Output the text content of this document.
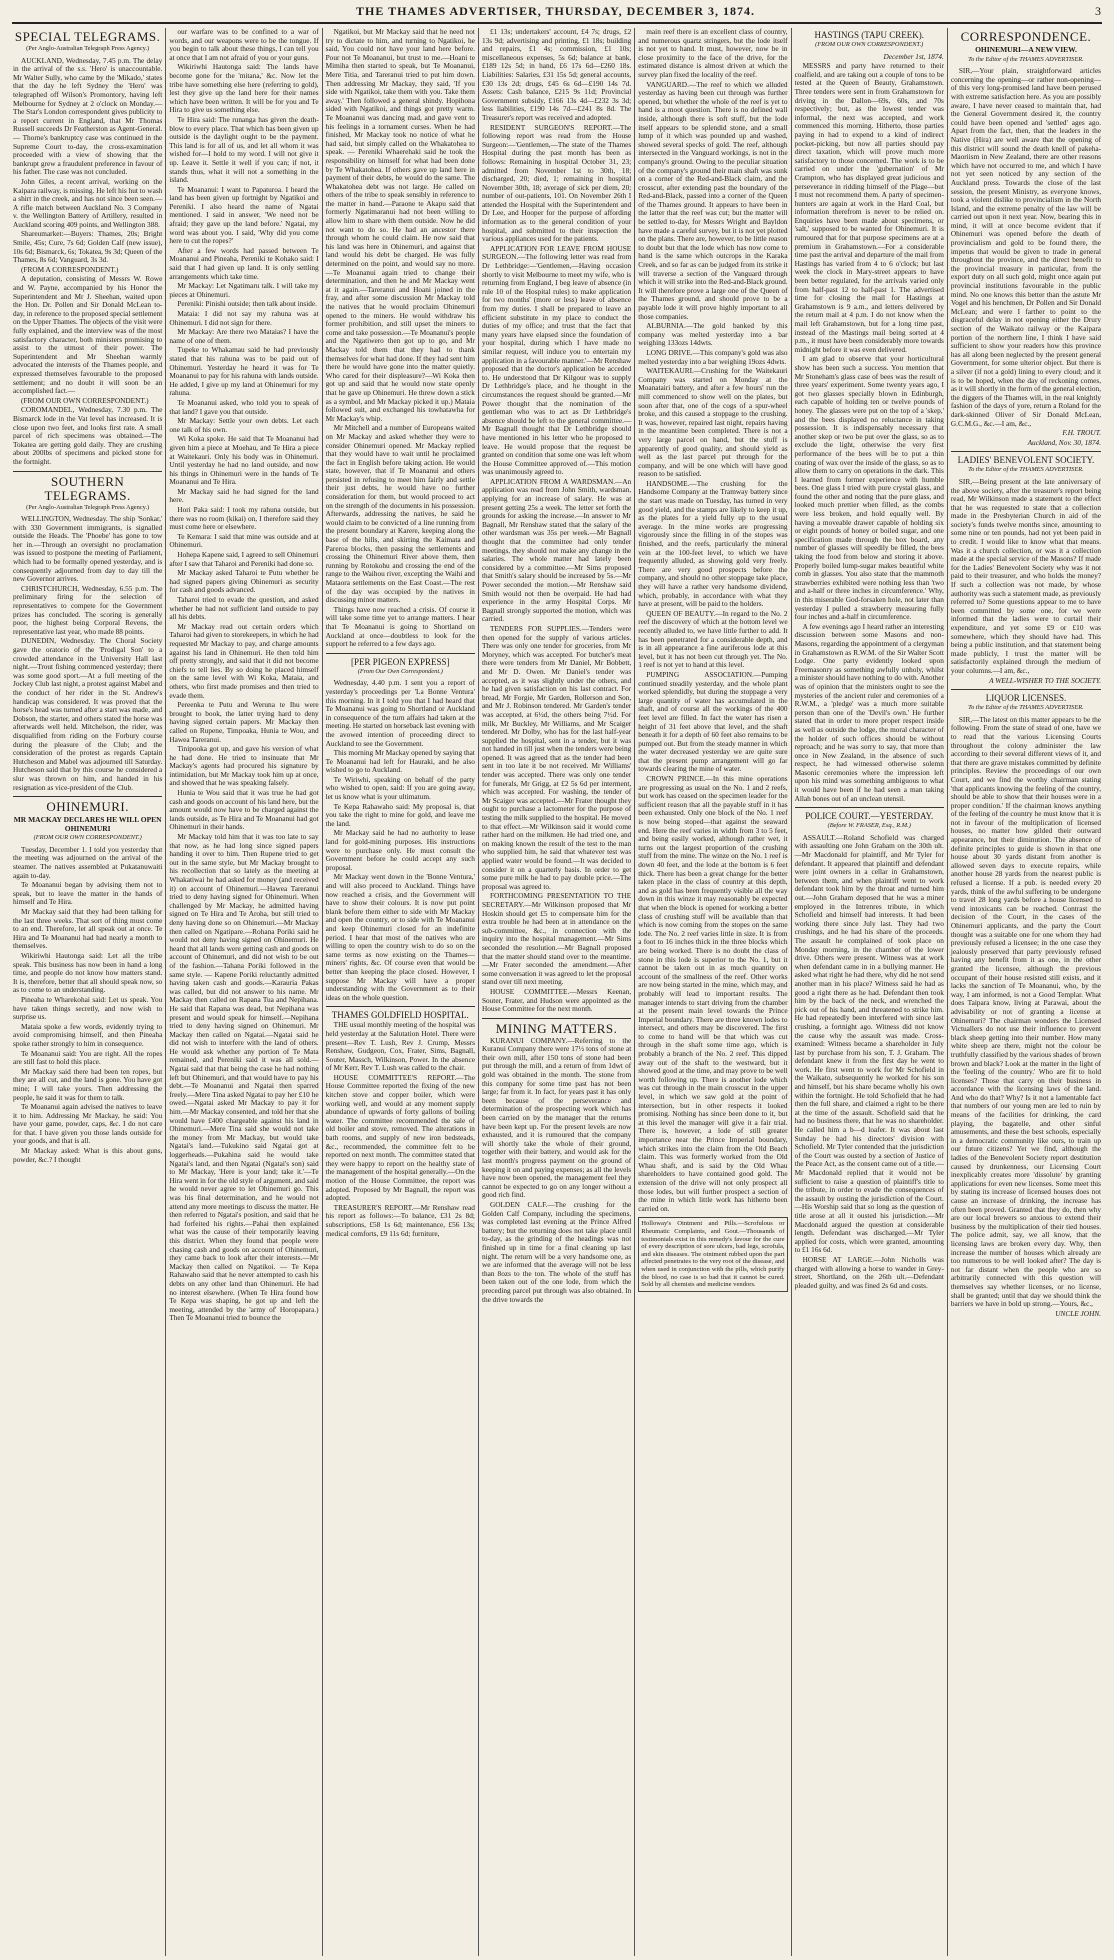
THE THAMES ADVERTISER, THURSDAY, DECEMBER 3, 1874.	3
SPECIAL TELEGRAMS.

(Per Anglo-Australian Telegraph Press Agency.)

AUCKLAND, Wednesday, 7.45 p.m. The delay in the arrival of the s.s. 'Hero' is unaccountable. Mr Walter Sully, who came by the 'Mikado,' states that the day he left Sydney the 'Hero' was telegraphed off Wilson's Promontory, having left Melbourne for Sydney at 2 o'clock on Monday.—The Star's London correspondent gives publicity to a report current in England, that Mr Thomas Russell succeeds Dr Featherston as Agent-General. — Thorne's bankruptcy case was continued in the Supreme Court to-day, the cross-examination proceeded with a view of showing that the bankrupt grew a fraudulent preference in favour of his father. The case was not concluded.

John Giles, a recent arrival, working on the Kaipara railway, is missing. He left his hut to wash a shirt in the creek, and has not since been seen.—A rifle match between Auckland No. 3 Company v. the Wellington Battery of Artillery, resulted in Auckland scoring 409 points, and Wellington 388.

Shareumarket:—Buyers: Thames, 20s; Bright Smile, 45s; Cure, 7s 6d; Golden Calf (new issue), 10s 6d; Bismarck, 6s; Tokatea, 9s 3d; Queen of the Thames, 8s 6d; Vanguard, 3s 3d.

(FROM A CORRESPONDENT.)

A deputation, consisting of Messrs W. Rowe and W. Payne, accompanied by his Honor the Superintendent and Mr J. Sheehan, waited upon the Hon. Dr. Pollen and Sir Donald McLean to-day, in reference to the proposed special settlement on the Upper Thames. The objects of the visit were fully explained, and the interview was of the most satisfactory character, both ministers promising to assist to the utmost of their power. The Superintendent and Mr Sheehan warmly advocated the interests of the Thames people, and expressed themselves favourable to the proposed settlement; and no doubt it will soon be an accomplished fact.—

(FROM OUR OWN CORRESPONDENT.)

COROMANDEL, Wednesday, 7.30 p.m. The Bismarck lode in the Vat level has increased. It is close upon two feet, and looks first rate. A small parcel of rich specimens was obtained.—The Tokatea are getting gold daily. They are crushing about 200lbs of specimens and picked stone for the fortnight.

SOUTHERN TELEGRAMS.

(Per Anglo-Australian Telegraph Press Agency.)

WELLINGTON, Wednesday. The ship 'Sonkar,' with 330 Government immigrants, is signalled outside the Heads. The 'Phoebe' has gone to tow her in.—Through an oversight no proclamation was issued to postpone the meeting of Parliament, which had to be formally opened yesterday, and is consequently adjourned from day to day till the new Governor arrives.

CHRISTCHURCH, Wednesday, 6.55 p.m. The preliminary firing for the selection of representatives to compete for the Government prizes has concluded. The scoring is generally poor, the highest being Corporal Revens, the representative last year, who made 88 points.

DUNEDIN, Wednesday. The Choral Society gave the oratorio of the 'Prodigal Son' to a crowded attendance in the University Hall last night.—Trout fishing commenced yesterday; there was some good sport.—At a full meeting of the Jockey Club last night, a protest against Mabel and the conduct of her rider in the St. Andrew's handicap was considered. It was proved that the horse's head was turned after a start was made, and Dobson, the starter, and others stated the horse was afterwards well held. Mitchelson, the rider, was disqualified from riding on the Forbury course during the pleasure of the Club; and the consideration of the protest as regards Captain Hutcheson and Mabel was adjourned till Saturday. Hutcheson said that by this course he considered a slur was thrown on him, and handed in his resignation as vice-president of the Club.

OHINEMURI.
MR MACKAY DECLARES HE WILL OPEN OHINEMURI

(FROM OUR OWN CORRESPONDENT.)

Tuesday, December 1. I told you yesterday that the meeting was adjourned on the arrival of the steamer. The natives assembled at Pukatanuwaiti again to-day.

Te Moananui began by advising them not to speak, but to leave the matter in the hands of himself and Te Hira.

Mr Mackay said that they had been talking for the last three weeks. That sort of thing must come to an end. Therefore, let all speak out at once. Te Hira and Te Moananui had had nearly a month to themselves.

Wikiriwhi Hautonga said: Let all the tribe speak. This business has now been in hand a long time, and people do not know how matters stand. It is, therefore, better that all should speak now, so as to come to an understanding.

Pineaha te Wharekohai said: Let us speak. You have taken things secretly, and now wish to surprise us.

Mataia spoke a few words, evidently trying to avoid compromising himself, and then Pineaha spoke rather strongly to him in consequence.

Te Moananui said: You are right. All the ropes are still fast to hold this place.

Mr Mackay said there had been ten ropes, but they are all cut, and the land is gone. You have got mine; I will take yours. Then addressing the people, he said it was for them to talk.

Te Moananui again advised the natives to leave it to him. Addressing Mr Mackay, he said: You have your game, powder, caps, &c. I do not care for that. I have given you those lands outside for your goods, and that is all.

Mr Mackay asked: What is this about guns, powder, &c.? I thought

our warfare was to be confined to a war of words, and our weapons were to be the tongue. If you begin to talk about these things, I can tell you at once that I am not afraid of you or your guns.

Wikiriwhi Hautonga said: The lands have become gone for the 'mitana,' &c. Now let the tribe have something else here (referring to gold), lest they give up the land here for their names which have been written. It will be for you and Te Hira to give us something else.

Te Hira said: The runanga has given the death-blow to every place. That which has been given up outside is the daylight ought to be the payment. This land is for all of us, and let all whom it was wished for—I hold to my word. I will not give it up. Leave it. Settle it well if you can; if not, it stands thus, what it will not a something in the island.

Te Moananui: I want to Papaturoa. I heard the land has been given up fortnight by Ngatikoi and Pereniki. I also heard the name of Ngatai mentioned. I said in answer, 'We need not be afraid; they gave up the land before.' Ngatai, my word was about you. I said, 'Why did you come here to cut the ropes?'

After a few words had passed between Te Moananui and Pineaha, Pereniki te Kohako said: I said that I had given up land. It is only settling arrangements which take time.

Mr Mackay: Let Ngatimaru talk. I will take my pieces at Ohinemuri.

Pereniki: Pinishi outside; then talk about inside.

Mataia: I did not say my rahuna was at Ohinemuri. I did not sign for there.

Mr Mackay: Are there two Mataias? I have the name of one of them.

Tupeke to Whakamau said he had previously stated that his rahuna was to be paid out of Ohinemuri. Yesterday he heard it was for Te Moananui to pay for his rahuna with lands outside. He added, I give up my land at Ohinemuri for my rahuna.

Te Moananui asked, who told you to speak of that land? I gave you that outside.

Mr Mackay: Settle your own debts. Let each one talk of his own.

Wi Koka spoke. He said that Te Moananui had given him a piece at Moehau, and Te Hira a piece at Waitekauri. Only his body was in Ohinemuri. Until yesterday he had no land outside, and now his things in Ohinemuri were in the hands of Te Moananui and Te Hira.

Mr Mackay said he had signed for the land here.

Hori Paka said: I took my rahuna outside, but there was no room (kikai) on, I therefore said they must come here or elsewhere.

Te Kemara: I said that mine was outside and at Ohinemuri.

Hohepa Kapene said, I agreed to sell Ohinemuri after I saw that Taharoi and Pereniki had done so.

Mr Mackay asked Taharoi te Putu whether he had signed papers giving Ohinemuri as security for cash and goods advanced.

Taharoi tried to evade the question, and asked whether he had not sufficient land outside to pay all his debts.

Mr Mackay read out certain orders which Taharoi had given to storekeepers, in which he had requested Mr Mackay to pay, and charge amounts against his land in Ohinemuri. He then told him off pretty strongly, and said that it did not become chiefs to tell lies. By so doing he placed himself on the same level with Wi Koka, Mataia, and others, who first made promises and then tried to evade them.

Pereenka te Putu and Weruna te Ihu were brought to book, the latter trying hard to deny having signed certain papers. Mr Mackay then called on Rupene, Timpoaka, Hunia te Wou, and Hawea Tareranui.

Tinipooka got up, and gave his version of what he had done. He tried to insinuate that Mr Mackay's agents had procured his signature by intimidation, but Mr Mackay took him up at once, and showed that he was speaking falsely.

Hunia te Wou said that it was true he had got cash and goods on account of his land here, but the amount would now have to be charged against the lands outside, as Te Hira and Te Moananui had got Ohinemuri in their hands.

Mr Mackay told him that it was too late to say that now, as he had long since signed papers handing it over to him. Then Rupene tried to get out in the same style, but Mr Mackay brought to his recollection that so lately as the meeting at Whakatiwai he had asked for money (and received it) on account of Ohinemuri.—Hawea Tareranui tried to deny having signed for Ohinemuri. When challenged by Mr Mackay, he admitted having signed on Te Hira and Te Aroha, but still tried to deny having done so on Ohinemuri.—Mr Mackay then called on Ngatipare.—Rohana Poriki said he would not deny having signed on Ohinemuri. He heard that all lands were getting cash and goods on account of Ohinemuri, and did not wish to be out of the fashion.—Tahana Poriki followed in the same style. — Kapene Poriki reluctantly admitted having taken cash and goods.—Karauria Pakas was called, but did not answer to his name. Mr Mackay then called on Rapana Tua and Nepihana. He said that Rapana was dead, but Nepihana was present and would speak for himself.—Nepihana tried to deny having signed on Ohinemuri. Mr Mackay then called on Ngatai.—Ngatai said he did not wish to interfere with the land of others. He would ask whether any portion of Te Mata remained, and Pereniki said it was all sold.—Ngatai said that that being the case he had nothing left but Ohinemuri, and that would have to pay his debt.—Te Moananui and Ngatai then sparred freely.—Mere Tina asked Ngatai to pay her £10 he owed.—Ngatai asked Mr Mackay to pay it for him.—Mr Mackay consented, and told her that she would have £400 chargeable against his land in Ohinemuri.—Mere Tina said she would not take the money from Mr Mackay, but would take Ngatai's land.—Tukukino said Ngatai got at loggerheads.—Pukahina said he would take Ngatai's land, and then Ngatai (Ngatai's son) said to Mr Mackay, 'Here is your land; take it.'—Te Hira went in for the old style of argument, and said he would never agree to let Ohinemuri go. This was his final determination, and he would not attend any more meetings to discuss the matter. He then referred to Ngatai's position, and said that he had forfeited his rights.—Pahai then explained what was the cause of their temporarily leaving this district. When they found that people were chasing cash and goods on account of Ohinemuri, they came back to look after their interests.—Mr Mackay then called on Ngatikoi. — Te Kepa Rahawaho said that he never attempted to cash his debts on any other land than Ohinemuri. He had no interest elsewhere. (When Te Hira found how Te Kepa was shaping, he got up and left the meeting, attended by the 'army of' Horopapara.) Then Te Moananui tried to bounce the

Ngatikoi, but Mr Mackay said that he need not try to dictate to him, and turning to Ngatikoi, he said, You could not have your land here before. Pour not Te Moananui, but trust to me.—Hoani te Mimiha then started to speak, but Te Moananui, Mere Titia, and Tareranui tried to put him down. Then addressing Mr Mackay, they said, 'If you side with Ngatikoi, take them with you. Take them away.' Then followed a general shindy. Hopihona sided with Ngatikoi, and things got pretty warm. Te Moananui was dancing mad, and gave vent to his feelings in a tornament curses. When he had finished, Mr Mackay took no notice of what he had said, but simply called on the Whakatohea to speak. — Pereniki Whaerehaki said he took the responsibility on himself for what had been done by Te Whakatohea. If others gave up land here in payment of their debts, he would do the same. The Whakatohea debt was not large. He called on others of the tribe to speak sensibly in reference to the matter in hand.—Paraone te Akapu said that formerly Ngatimaranui had not been willing to allow him to share with them outside. Now he did not want to do so. He had an ancestor there through whom he could claim. He now said that his land was here in Ohinemuri, and against that land would his debt be charged. He was fully determined on the point, and would say no more.—Te Moananui again tried to change their determination, and then he and Mr Mackay went at it again.—Tareranui and Hoani joined in the fray, and after some discussion Mr Mackay told the natives that he would proclaim Ohinemuri opened to the miners. He would withdraw his former prohibition, and still upset the miners to come and take possession.—Te Moananui's people and the Ngatiwero then got up to go, and Mr Mackay told them that they had to thank themselves for what had done. If they had sent him there he would have gone into the matter quietly. Who cared for their displeasure?—Wi Koka then got up and said that he would now state openly that he gave up Ohinemuri. He threw down a stick as a symbol, and Mr Mackay picked it up.) Mataia followed suit, and exchanged his towhatawha for Mr Mackay's whip.

Mr Mitchell and a number of Europeans waited on Mr Mackay and asked whether they were to consider Ohinemuri opened. Mr Mackay replied that they would have to wait until he proclaimed the fact in English before taking action. He would state, however, that if Te Moananui and others persisted in refusing to meet him fairly and settle their just debts, he would have no further consideration for them, but would proceed to act on the strength of the documents in his possession. Afterwards, addressing the natives, he said he would claim to be convicted of a line running from the present boundary at Karere, keeping along the base of the hills, and skirting the Kaimata and Pareroa blocks, then passing the settlements and crossing the Ohinemuri River above them, then running by Rotokohu and crossing the end of the range to the Waihou river, excepting the Waihi and Mataora settlements on the East Coast.—The rest of the day was occupied by the natives in discussing minor matters.

Things have now reached a crisis. Of course it will take some time yet to arrange matters. I hear that Te Moananui is going to Shortland on Auckland at once—doubtless to look for the support he referred to a few days ago.

[PER PIGEON EXPRESS]

(From Our Own Correspondent.)

Wednesday, 4.40 p.m. I sent you a report of yesterday's proceedings per 'La Bonne Ventura' this morning. In it I told you that I had heard that Te Moananui was going to Shortland or Auckland in consequence of the turn affairs had taken at the meeting. He started on horseback last evening with the avowed intention of proceeding direct to Auckland to see the Government.

This morning Mr Mackay opened by saying that Te Moananui had left for Hauraki, and he also wished to go to Auckland.

Te Wiriwhi, speaking on behalf of the party who wished to open, said: If you are going away, let us know what is your ultimatum.

Te Kepa Rahawaho said: My proposal is, that you take the right to mine for gold, and leave me the land.

Mr Mackay said he had no authority to lease land for gold-mining purposes. His instructions were to purchase only. He must consult the Government before he could accept any such proposal.

Mr Mackay went down in the 'Bonne Ventura,' and will also proceed to Auckland. Things have now reached a crisis, and the Government will have to show their colours. It is now put point blank before them either to side with Mr Mackay and open the country, or to side with Te Moananui and keep Ohinemuri closed for an indefinite period. I hear that most of the natives who are willing to open the country wish to do so on the same terms as now existing on the Thames—miners' rights, &c. Of course even that would be better than keeping the place closed. However, I suppose Mr Mackay will have a proper understanding with the Government as to their ideas on the whole question.

THAMES GOLDFIELD HOSPITAL.

THE usual monthly meeting of the hospital was held yesterday at the Salutation Hotel. There were present—Rev T. Lush, Rev J. Crump, Messrs Renshaw, Gudgeon, Cox, Frater, Sims, Bagnall, Souter, Massch, Wilkinson, Power. In the absence of Mr Kerr, Rev T. Lush was called to the chair.

HOUSE COMMITTEE'S REPORT.—The House Committee reported the fixing of the new kitchen stove and copper boiler, which were working well, and would at any moment supply abundance of upwards of forty gallons of boiling water. The committee recommended the sale of old boiler and stove, removed. The alterations in bath rooms, and supply of new iron bedsteads, &c., recommended, the committee felt to be reported on next month. The committee stated that they were happy to report on the healthy state of the management of the hospital generally.—On the motion of the House Committee, the report was adopted. Proposed by Mr Bagnall, the report was adopted.

TREASURER'S REPORT.—Mr Renshaw read his report as follows:—To balance, £31 2s 8d; subscriptions, £58 1s 6d; maintenance, £56 13s; medical comforts, £9 11s 6d; furniture,

£1 13s; undertakers' account, £4 7s; drugs, £2 13s 9d; advertising and printing, £1 18s; building and repairs, £1 4s; commission, £1 10s; miscellaneous expenses, 5s 6d; balance at bank, £189 12s 5d; in hand, £6 17s 6d—£260 18s. Liabilities: Salaries, £31 15s 5d; general accounts, £30 13s 2d; drugs, £45 6s 6d—£190 14s 7d. Assets: Cash balance, £215 9s 11d; Provincial Government subsidy, £166 13s 4d—£232 3s 3d; less liabilities, £190 14s 7d—£241 8s 8d. The Treasurer's report was received and adopted.

RESIDENT SURGEON'S REPORT.—The following report was read from the House Surgeon:—'Gentlemen,—The state of the Thames Hospital during the past month has been as follows: Remaining in hospital October 31, 23; admitted from November 1st to 30th, 18; discharged, 20; died, 1; remaining in hospital November 30th, 18; average of sick per diem, 20; number of out-patients, 101. On November 26th I attended the Hospital with the Superintendent and Dr Lee, and Hooper for the purpose of affording information as to the general condition of your hospital, and submitted to their inspection the various appliances used for the patients.

APPLICATION FOR LEAVE FROM HOUSE SURGEON.—The following letter was read from Dr Lethbridge:—'Gentlemen,—Having occasion shortly to visit Melbourne to meet my wife, who is returning from England, I beg leave of absence (in rule 10 of the Hospital rules) to make application for two months' (more or less) leave of absence from my duties. I shall be prepared to leave an efficient substitute in my place to conduct the duties of my office; and trust that the fact that many years have elapsed since the foundation of your hospital, during which I have made no similar request, will induce you to entertain my application in a favourable manner.'—Mr Renshaw proposed that the doctor's application be acceded to. He understood that Dr Kilgour was to supply Dr Lethbridge's place, and he thought in the circumstances the request should be granted.—Mr Power thought that the nomination of the gentleman who was to act as Dr Lethbridge's absence should be left to the general committee.—Mr Bagnall thought that Dr Lethbridge should have mentioned in his letter who he proposed to leave. He would propose that the request be granted on condition that some one was left whom the House Committee approved of.—This motion was unanimously agreed to.

APPLICATION FROM A WARDSMAN.—An application was read from John Smith, wardsman, applying for an increase of salary. He was at present getting 25s a week. The letter set forth the grounds for asking the increase.—In answer to Mr Bagnall, Mr Renshaw stated that the salary of the other wardsman was 35s per week.—Mr Bagnall thought that the committee had only tender meetings, they should not make any change in the salaries. The whole matter had lately been considered by a committee.—Mr Sims proposed that Smith's salary should be increased by 5s.—Mr Power seconded the motion.—Mr Renshaw said Smith would not then be overpaid. He had had experience in the army Hospital Corps. Mr Bagnall strongly supported the motion, which was carried.

TENDERS FOR SUPPLIES.—Tenders were then opened for the supply of various articles. There was only one tender for groceries, from Mr Moryney, which was accepted. For butcher's meat there were tenders from Mr Daniel, Mr Bobbett, and Mr D. Owen. Mr Daniel's tender was accepted, as it was slightly under the others, and he had given satisfaction on his last contract. For bread, Mr Forgie, Mr Garden, Rollerson and Son, and Mr J. Robinson tendered. Mr Garden's tender was accepted, at 6½d, the others being 7½d. For milk, Mr Buckley, Mr Williams, and Mr Scaiger tendered. Mr Dolby, who has for the last half-year supplied the hospital, sent in a tender, but it was not handed in till just when the tenders were being opened. It was agreed that as the tender had been sent in too late it be not received. Mr Williams' tender was accepted. There was only one tender for funerals, Mr Grigg, at £2 5s 6d per interment, which was accepted. For washing, the tender of Mr Scaiger was accepted.—Mr Frater thought they ought to purchase a lactometer for the purpose of testing the milk supplied to the hospital. He moved to that effect.—Mr Wilkinson said it would come rather hard on the milkmen. He had tried one, and on making known the result of the test to the man who supplied him, he said that whatever test was applied water would be found.—It was decided to consider it on a quarterly basis. In order to get some pure milk he had to pay double price.—The proposal was agreed to.

FORTHCOMING PRESENTATION TO THE SECRETARY.—Mr Wilkinson proposed that Mr Hoskin should get £5 to compensate him for the extra trouble he had been at in attendance on the sub-committee, &c., in connection with the inquiry into the hospital management.—Mr Sims seconded the resolution.—Mr Bagnall proposed that the matter should stand over to the meantime.—Mr Frater seconded the amendment.—After some conversation it was agreed to let the proposal stand over till next meeting.

HOUSE COMMITTEE.—Messrs Keenan, Souter, Frater, and Hudson were appointed as the House Committee for the next month.

MINING MATTERS.

KURANUI COMPANY.—Referring to the Kuranui Company there were 17½ tons of stone at their own mill, after 150 tons of stone had been put through the mill, and a return of from 1dwt of gold was obtained in the month. The stone from this company for some time past has not been large; far from it. In fact, for years past it has only been because of the perseverance and determination of the prospecting work which has been carried on by the manager that the returns have been kept up. For the present levels are now exhausted, and it is rumoured that the company will shortly take the whole of their ground, together with their battery, and would ask for the last month's progress payment on the ground of keeping it on and paying expenses; as all the levels have now been opened, the management feel they cannot be expected to go on any longer without a good rich find.

GOLDEN CALF.—The crushing for the Golden Calf Company, including the specimens, was completed last evening at the Prince Alfred battery; but the returning does not take place until to-day, as the grinding of the headings was not finished up in time for a final cleaning up last night. The return will be a very handsome one, as we are informed that the average will not be less than 8ozs to the ton. The whole of the stuff has been taken out of the one lode, from which the preceding parcel put through was also obtained. In the drive towards the

main reef there is an excellent class of country, and numerous quartz stringers, but the lode itself is not yet to hand. It must, however, now be in close proximity to the face of the drive, for the estimated distance is almost driven at which the survey plan fixed the locality of the reef.

VANGUARD.—The reef to which we alluded yesterday as having been cut through was further opened, but whether the whole of the reef is yet to hand is a moot question. There is no defined wall inside, although there is soft stuff, but the lode itself appears to be splendid stone, and a small lump of it which was pounded up and washed, showed several specks of gold. The reef, although intersected in the Vanguard workings, is not in the company's ground. Owing to the peculiar situation of the company's ground their main shaft was sunk on a corner of the Red-and-Black claim, and the crosscut, after extending past the boundary of the Red-and-Black, passed into a corner of the Queen of the Thames ground. It appears to have been in the latter that the reef was cut; but the matter will be settled to-day, for Messrs Wright and Bayldon have made a careful survey, but it is not yet plotted on the plans. There are, however, to be little reason to doubt but that the lode which has now come to hand is the same which outcrops in the Karaka Creek, and so far as can be judged from its strike it will traverse a section of the Vanguard through which it will strike into the Red-and-Black ground. It will therefore prove a large one of the Queen of the Thames ground, and should prove to be a payable lode it will prove highly important to all those companies.

ALBURNIA.—The gold banked by this company was melted yesterday into a bar weighing 133ozs 14dwts.

LONG DRIVE.—This company's gold was also melted yesterday into a bar weighing 19ozs 4dwts.

WAITEKAURI.—Crushing for the Waitekauri Company was started on Monday at the Moanatairi battery, and after a few hours' run the mill commenced to show well on the plates, but soon after that, one of the cogs of a spur-wheel broke, and this caused a stoppage to the crushing. It was, however, repaired last night, repairs having in the meantime been completed. There is not a very large parcel on hand, but the stuff is apparently of good quality, and should yield as well as the last parcel put through for the company, and will be one which will have good reason to be satisfied.

HANDSOME.—The crushing for the Handsome Company at the Tramway battery since the start was made on Tuesday, has turned in very good yield, and the stamps are likely to keep it up, as the plates for a yield fully up to the usual average. In the mine works are progressing vigorously since the filling in of the stopes was finished, and the reefs, particularly the mineral vein at the 100-feet level, to which we have frequently alluded, as showing gold very freely. There are very good prospects before the company, and should no other stoppage take place, they will have a rather very handsome dividend, which, probably, in accordance with what they have at present, will be paid to the holders.

QUEEN OF BEAUTY.—In regard to the No. 2 reef the discovery of which at the bottom level we recently alluded to, we have little further to add. It has been penetrated for a considerable depth, and is in all appearance a fine auriferous lode at this level, but it has not been cut through yet. The No. 1 reef is not yet to hand at this level.

PUMPING ASSOCIATION.—Pumping continued steadily yesterday, and the whole plant worked splendidly, but during the stoppage a very large quantity of water has accumulated in the shaft, and of course all the workings of the 400 feet level are filled. In fact the water has risen a height of 31 feet above that level, and the shaft beneath it for a depth of 60 feet also remains to be pumped out. But from the steady manner in which the water decreased yesterday we are quite sure that the present pump arrangement will go far towards clearing the mine of water.

CROWN PRINCE.—In this mine operations are progressing as usual on the No. 1 and 2 reefs, but work has ceased on the specimen leader for the sufficient reason that all the payable stuff in it has been exhausted. Only one block of the No. 1 reef is now being stoped—that against the seaward end. Here the reef varies in width from 3 to 5 feet, and being easily worked, although rather wet, it turns out the largest proportion of the crushing stuff from the mine. The winze on the No. 1 reef is down 40 feet, and the lode at the bottom is 6 feet thick. There has been a great change for the better taken place in the class of country at this depth, and as gold has been frequently visible all the way down in this winze it may reasonably be expected that when the block is opened for working a better class of crushing stuff will be available than that which is now coming from the stopes on the same lode. The No. 2 reef varies little in size. It is from a foot to 16 inches thick in the three blocks which are being worked. There is no doubt the class of stone in this lode is superior to the No. 1, but it cannot be taken out in as much quantity on account of the smallness of the reef. Other works are now being started in the mine, which may, and probably will lead to important results. The manager intends to start driving from the chamber at the present main level towards the Prince Imperial boundary. There are three known lodes to intersect, and others may be discovered. The first to come to hand will be that which was cut through in the shaft some time ago, which is probably a branch of the No. 2 reef. This dipped away out of the shaft to the westward, but it showed good at the time, and may prove to be well worth following up. There is another lode which was cut through in the main crosscut in the upper level, in which we saw gold at the point of intersection, but in other respects it looked promising. Nothing has since been done to it, but at this level the manager will give it a fair trial. There is, however, a lode of still greater importance near the Prince Imperial boundary, which strikes into the claim from the Old Beach claim. This was formerly worked from the Old Whau shaft, and is said by the Old Whau shareholders to have contained good gold. The extension of the drive will not only prospect all those lodes, but will further prospect a section of the mine in which little work has hitherto been carried on.

Holloway's Ointment and Pills.—Scrofulous or Rheumatic Complaints, and Gout.—Thousands of testimonials exist in this remedy's favour for the cure of every description of sore ulcers, bad legs, scrofula, and skin diseases. The ointment rubbed upon the part affected penetrates to the very root of the disease, and when used in conjunction with the pills, which purify the blood, no case is so bad that it cannot be cured. Sold by all chemists and medicine vendors.
HASTINGS (TAPU CREEK).

(FROM OUR OWN CORRESPONDENT.)

December 1st, 1874.

MESSRS and party have returned to their coalfield, and are taking out a couple of tons to be tested at the Queen of Beauty, Grahamstown. Three tenders were sent in from Grahamstown for driving in the Dallon—69s, 60s, and 70s respectively; but, as the lowest tender was informal, the next was accepted, and work commenced this morning. Hitherto, those parties paying in had to expend to a kind of indirect pocket-picking, but now all parties should pay direct taxation, which will prove much more satisfactory to those concerned. The work is to be carried on under the 'gubernation' of Mr Crampton, who has displayed great judicious and perseverance in ridding himself of the Plage—but I must not recommend them. A party of specimen-hunters are again at work in the Hard Coal, but information therefrom is never to be relied on. Enquiries have been made about specimens, or 'salt,' supposed to be wanted for Ohinemuri. It is rumoured that for that purpose specimens are at a premium in Grahamstown.—For a considerable time past the arrival and departure of the mail from Hastings has varied from 4 to 6 o'clock; but last week the clock in Mary-street appears to have been better regulated, for the arrivals varied only from half-past 12 to half-past 1. The advertised time for closing the mail for Hastings at Grahamstown is 9 a.m., and letters delivered by the return mail at 4 p.m. I do not know when the mail left Grahamstown, but for a long time past, instead of the Mastings mail being sorted at 4 p.m., it must have been considerably more towards midnight before it was even delivered.

I am glad to observe that your horticultural show has been such a success. You mention that Mr Stoneham's glass case of bees was the result of three years' experiment. Some twenty years ago, I got two glasses specially blown in Edinburgh, each capable of holding ten or twelve pounds of honey. The glasses were put on the top of a 'skep,' and the bees displayed no reluctance in taking possession. It is indispensably necessary that another skep or two be put over the glass, so as to exclude the light, otherwise the very first performance of the bees will be to put a thin coating of wax over the inside of the glass, so as to allow them to carry on operations in the dark. This I learned from former experience with humble bees. One glass I tried with pure crystal glass, and found the other and noting that the pure glass, and looked much prettier when filled, as the combs were less broken, and hold equally well. By having a moveable drawer capable of holding six or eight pounds of honey or boiled sugar, and one specification made through the box board, any number of glasses will speedily be filled, the bees taking the food from below and storing it above. Properly boiled lump-sugar makes beautiful white comb in glasses. You also state that the mammoth strawberries exhibited were nothing less than 'two and a-half or three inches in circumference.' Why, in this miserable God-forsaken hole, not later than yesterday I pulled a strawberry measuring fully four inches and a-half in circumference.

A few evenings ago I heard rather an interesting discussion between some Masons and non-Masons, regarding the appointment of a clergyman in Grahamstown as R.W.M. of the Sir Walter Scott Lodge. One party evidently looked upon Freemasonry as something awfully unholy, whilst a minister should have nothing to do with. Another was of opinion that the ministers ought to see the mysteries of the ancient ruler and ceremonies of a R.W.M., a 'pledge' was a much more suitable person than one of the 'Devil's own.' He further stated that in order to more proper respect inside as well as outside the lodge, the moral character of the holder of such offices should be without reproach; and he was sorry to say, that more than once in New Zealand, in the absence of such respect, he had witnessed otherwise solemn Masonic ceremonies where the impression left upon his mind was something ambiguous to what it would have been if he had seen a man taking Allah bones out of an unclean utensil.

POLICE COURT.—YESTERDAY.

(Before W. FRASER, Esq., R.M.)

ASSAULT.—Roland Schofield was charged with assaulting one John Graham on the 30th ult.—Mr Macdonald for plaintiff, and Mr Tyler for defendant. It appeared that plaintiff and defendant were joint owners in a cellar in Grahamstown, between them, and when plaintiff went to work defendant took him by the throat and turned him out.—John Graham deposed that he was a miner employed in the Intrenres tribute, in which Schofield and himself had interests. It had been working there since July last. They had two crushings, and he had his share of the proceeds. The assault he complained of took place on Monday morning, in the chamber of the lower drive. Others were present. Witness was at work when defendant came in in a bullying manner. He asked what right he had there, why did he not send another man in his place? Witness said he had as good a right there as he had. Defendant then took him by the back of the neck, and wrenched the pick out of his hand, and threatened to strike him. He had repeatedly been interfered with since last crushing, a fortnight ago. Witness did not know the cause why the assault was made. Cross-examined: Witness became a shareholder in July last by purchase from his son, T. J. Graham. The defendant knew it from the first day he went to work. He first went to work for Mr Schofield in the Waikato, subsequently he worked for his son and himself, but his share became wholly his own within the fortnight. He told Schofield that he had then the full share, and claimed a right to be there at the time of the assault. Schofield said that he had no business there, that he was no shareholder. He called him a b—d loafer. It was about last Sunday he had his directors' division with Schofield. Mr Tyler contended that the jurisdiction of the Court was ousted by a section of Justice of the Peace Act, as the consent came out of a title.—Mr Macdonald replied that it would not be sufficient to raise a question of plaintiff's title to the tribute, in order to evade the consequences of the assault by ousting the jurisdiction of the Court.—His Worship said that so long as the question of title arose at all it ousted his jurisdiction.—Mr Macdonald argued the question at considerable length. Defendant was discharged.—Mr Tyler applied for costs, which were granted, amounting to £1 16s 6d.

HORSE AT LARGE.—John Nicholls was charged with allowing a horse to wander in Grey-street, Shortland, on the 26th ult.—Defendant pleaded guilty, and was fined 2s 6d and costs.

CORRESPONDENCE.
OHINEMURI—A NEW VIEW.

To the Editor of the THAMES ADVERTISER.

SIR,—Your plain, straightforward articles concerning the opening—or rather non-opening—of this very long-promised land have been perused with extreme satisfaction here. As you are possibly aware, I have never ceased to maintain that, had the General Government desired it, the country could have been opened and 'settled' ages ago. Apart from the fact, then, that the leaders in the Native (Hira) are well aware that the opening of this district will sound the death knell of pakeha-Maoriism in New Zealand, there are other reasons which have not occurred to me, and which I have not yet seen noticed by any section of the Auckland press. Towards the close of the last session, the present Ministry, as everyone knows, took a violent dislike to provincialism in the North Island, and the extreme penalty of the law will be carried out upon it next year. Now, bearing this in mind, it will at once become evident that if Ohinemuri was opened before the death of provincialism and gold to be found there, the impetus that would be given to trade in general throughout the province, and the direct benefit to the provincial treasury in particular, from the export duty on all such gold, might once again put provincial institutions favourable in the public mind. No one knows this better than the astute Mr Vogel and his henchmen, Dr Pollen and Sir Donald McLean; and were I farther to point to the disgraceful delay in not opening either the Drury section of the Waikato railway or the Kaipara portion of the northern line, I think I have said sufficient to show your readers how this province has all along been neglected by the present general Government, for some ulterior object. But there is a silver (if not a gold) lining to every cloud; and it is to be hoped, when the day of reckoning comes, as it will shortly in the form of the general election, the diggers of the Thames will, in the real knightly fashion of the days of yore, return a Roland for the dark-skinned Oliver of Sir Donald McLean, G.C.M.G., &c.—I am, &c.,

F.H. TROUT.

Auckland, Nov. 30, 1874.

LADIES' BENEVOLENT SOCIETY.

To the Editor of the THAMES ADVERTISER.

SIR,—Being present at the late anniversary of the above society, after the treasurer's report being read, Mr Wilkinson made a statement to the effect that he was requested to state that a collection made in the Presbyterian Church in aid of the society's funds twelve months since, amounting to some nine or ten pounds, had not yet been paid in to credit. I would like to know what that means. Was it a church collection, or was it a collection made at the special service of the Masons? If made for the Ladies' Benevolent Society why was it not paid to their treasurer, and who holds the money? If such a collection was not made, by whose authority was such a statement made, as previously referred to? Some questions appear to me to have been committed by some one, for we were informed that the ladies were to curtail their expenditure, and yet some £9 or £10 was somewhere, which they should have had. This being a public institution, and that statement being made publicly, I trust the matter will be satisfactorily explained through the medium of your columns.—I am, &c.,

A WELL-WISHER TO THE SOCIETY.

LIQUOR LICENSES.

To the Editor of the THAMES ADVERTISER.

SIR,—The latest on this matter appears to be the following. From the state of stead of one, have we to read that the various Licensing Courts throughout the colony administer the law according to their several different views of it, and that there are grave mistakes committed by definite principles. Review the proceedings of our own Court, and we find the worthy chairman stating 'that applicants knowing the feeling of the country, should be able to show that their houses were in a proper condition.' If the chairman knows anything of the feeling of the country he must know that it is not in favour of the multiplication of licensed houses, no matter how gilded their outward appearance, but their diminution. The absence of definite principles to guide is shown in that one house about 30 yards distant from another is allowed seven days to execute repairs, while another house 28 yards from the nearest public is refused a license. If a pub. is needed every 20 yards, think of the awful suffering to be undergone to travel 28 long yards before a house licensed to vend intoxicants can be reached. Contrast the decision of the Court, in the cases of the Ohinemuri applicants, and the party the Court thought was a suitable one for one whom they had previously refused a licensee; in the one case they jealously preserved that party previously refused having any benefit from it as one, in the other granted the licensee, although the previous occupant of their house resisted still exists, and it lacks the sanction of Te Moananui, who, by the way, I am informed, is not a Good Templar. What does Taipara know, living at Parawai, about the advisability or not of granting a license at Ohinemuri? The chairman wonders the Licensed Victuallers do not use their influence to prevent black sheep getting into their number. How many white sheep are there, might not the colour be truthfully classified by the various shades of brown brown and black? Look at the matter in the light of the 'feeling of the country.' Who are fit to hold licenses? Those that carry on their business in accordance with the licensing laws of the land. And who do that? Why? Is it not a lamentable fact that numbers of our young men are led to ruin by means of the facilities for drinking, the card playing, the bagatelle, and other sinful amusements, and these the best schools, especially in a democratic community like ours, to train up our future citizens? Yet we find, although the ladies of the Benevolent Society report destitution caused by drunkenness, our Licensing Court inexplicably creates more 'dissolute' by granting applications for even new licenses. Some meet this by stating its increase of licensed houses does not cause an increase of drinking, the increase has often been proved. Granted that they do, then why are our local brewers so anxious to extend their business by the multiplication of their tied houses. The police admit, say, we all know, that the licensing laws are broken every day. Why, then increase the number of houses which already are too numerous to be well looked after? The day is not far distant when the people who are so arbitrarily connected with this question will themselves say whether licenses, or no license, shall be granted; until that day we should think the barriers we have in bold up strong.—Yours, &c.,

UNCLE JOHN.
